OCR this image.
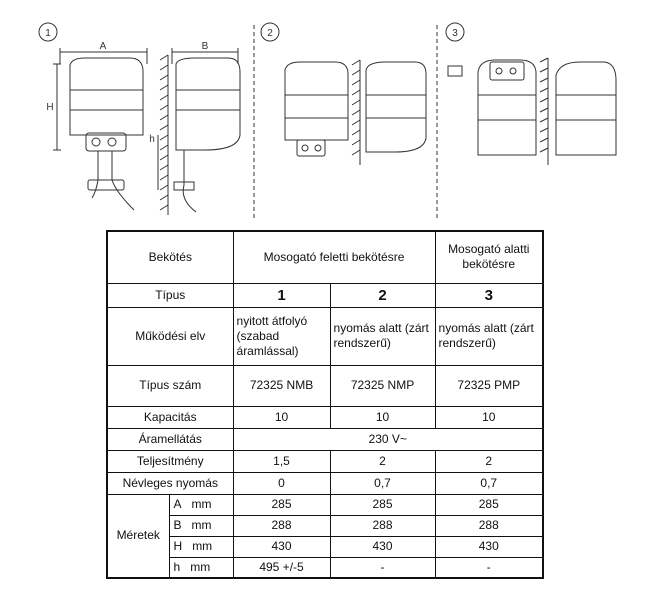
1	2	3
A	B
H
h
Bekötés		Mosogató feletti bekötésre		Mosogató alatti bekötésre
Típus		1	2	3
Működési elv		nyitott átfolyó (szabad áramlással)	nyomás alatt (zárt rendszerű)	nyomás alatt (zárt rendszerű)
Típus szám		72325 NMB	72325 NMP	72325 PMP
Kapacitás		10	10	10
Áramellátás		230 V~		
Teljesítmény		1,5	2	2
Névleges nyomás		0	0,7	0,7
Méretek	A mm	285	285	285
	B mm	288	288	288
	H mm	430	430	430
	h mm	495 +/-5	-	-
